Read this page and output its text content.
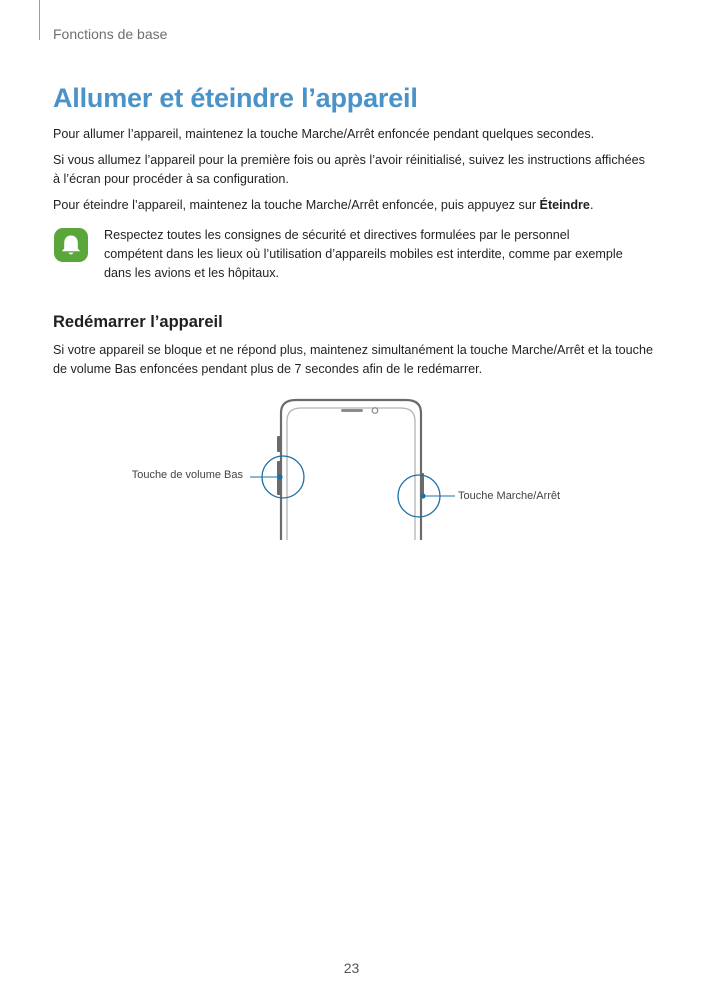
Fonctions de base
Allumer et éteindre l’appareil

Pour allumer l’appareil, maintenez la touche Marche/Arrêt enfoncée pendant quelques secondes.

Si vous allumez l’appareil pour la première fois ou après l’avoir réinitialisé, suivez les instructions affichées à l’écran pour procéder à sa configuration.

Pour éteindre l’appareil, maintenez la touche Marche/Arrêt enfoncée, puis appuyez sur Éteindre.

Respectez toutes les consignes de sécurité et directives formulées par le personnel compétent dans les lieux où l’utilisation d’appareils mobiles est interdite, comme par exemple dans les avions et les hôpitaux.

Redémarrer l’appareil

Si votre appareil se bloque et ne répond plus, maintenez simultanément la touche Marche/Arrêt et la touche de volume Bas enfoncées pendant plus de 7 secondes afin de le redémarrer.

Touche de volume Bas
Touche Marche/Arrêt
23
